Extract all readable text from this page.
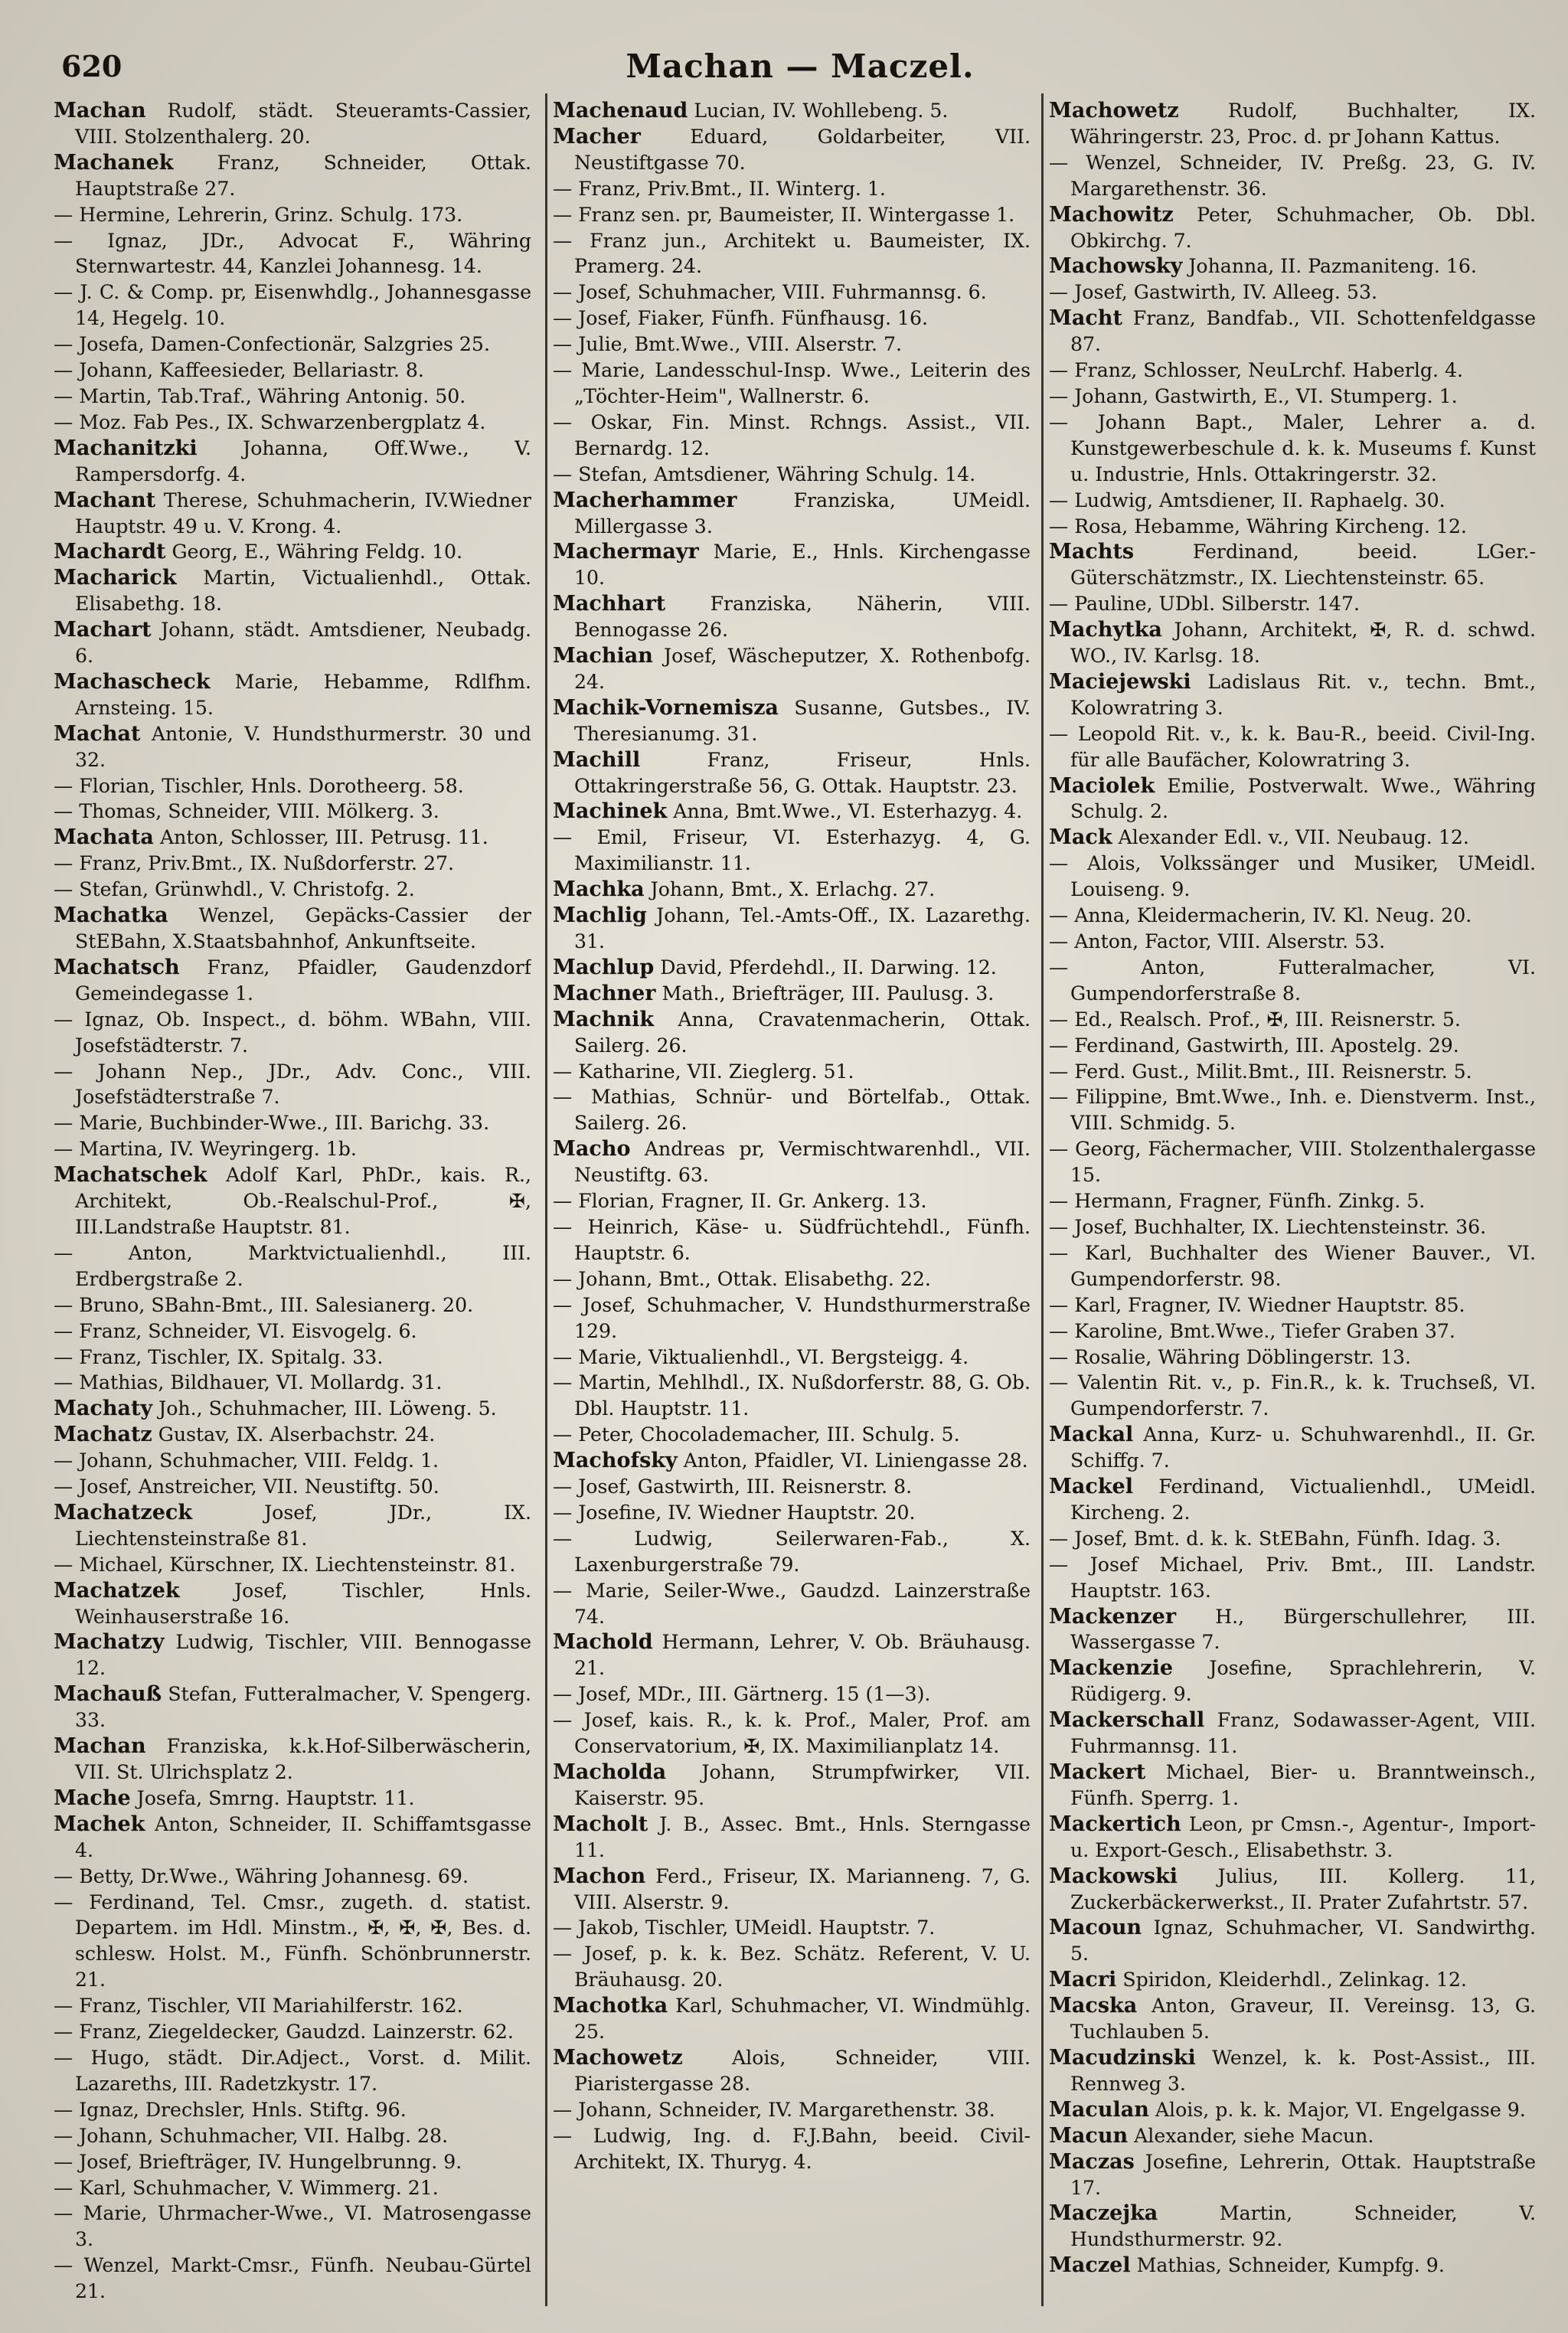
620	Machan — Maczel.

Machan Rudolf, städt. Steueramts-Cassier, VIII. Stolzenthalerg. 20.

Machanek Franz, Schneider, Ottak. Hauptstraße 27.

— Hermine, Lehrerin, Grinz. Schulg. 173.

— Ignaz, JDr., Advocat F., Währing Sternwartestr. 44, Kanzlei Johannesg. 14.

— J. C. & Comp. pr, Eisenwhdlg., Johannesgasse 14, Hegelg. 10.

— Josefa, Damen-Confectionär, Salzgries 25.

— Johann, Kaffeesieder, Bellariastr. 8.

— Martin, Tab.Traf., Währing Antonig. 50.

— Moz. Fab Pes., IX. Schwarzenbergplatz 4.

Machanitzki Johanna, Off.Wwe., V. Rampersdorfg. 4.

Machant Therese, Schuhmacherin, IV.Wiedner Hauptstr. 49 u. V. Krong. 4.

Machardt Georg, E., Währing Feldg. 10.

Macharick Martin, Victualienhdl., Ottak. Elisabethg. 18.

Machart Johann, städt. Amtsdiener, Neubadg. 6.

Machascheck Marie, Hebamme, Rdlfhm. Arnsteing. 15.

Machat Antonie, V. Hundsthurmerstr. 30 und 32.

— Florian, Tischler, Hnls. Dorotheerg. 58.

— Thomas, Schneider, VIII. Mölkerg. 3.

Machata Anton, Schlosser, III. Petrusg. 11.

— Franz, Priv.Bmt., IX. Nußdorferstr. 27.

— Stefan, Grünwhdl., V. Christofg. 2.

Machatka Wenzel, Gepäcks-Cassier der StEBahn, X.Staatsbahnhof, Ankunftseite.

Machatsch Franz, Pfaidler, Gaudenzdorf Gemeindegasse 1.

— Ignaz, Ob. Inspect., d. böhm. WBahn, VIII. Josefstädterstr. 7.

— Johann Nep., JDr., Adv. Conc., VIII. Josefstädterstraße 7.

— Marie, Buchbinder-Wwe., III. Barichg. 33.

— Martina, IV. Weyringerg. 1b.

Machatschek Adolf Karl, PhDr., kais. R., Architekt, Ob.-Realschul-Prof., ✠, III.Landstraße Hauptstr. 81.

— Anton,	Marktvictualienhdl., III. Erdbergstraße 2.

— Bruno, SBahn-Bmt., III. Salesianerg. 20.

— Franz, Schneider, VI. Eisvogelg. 6.

— Franz, Tischler, IX. Spitalg. 33.

— Mathias, Bildhauer, VI. Mollardg. 31.

Machaty Joh., Schuhmacher, III. Löweng. 5.

Machatz Gustav, IX. Alserbachstr. 24.

— Johann, Schuhmacher, VIII. Feldg. 1.

— Josef, Anstreicher, VII. Neustiftg. 50.

Machatzeck	Josef, JDr., IX. Liechtensteinstraße 81.

— Michael, Kürschner, IX. Liechtensteinstr. 81.

Machatzek	Josef, Tischler, Hnls. Weinhauserstraße 16.

Machatzy Ludwig, Tischler, VIII. Bennogasse 12.

Machauß Stefan, Futteralmacher, V. Spengerg. 33.

Machan Franziska, k.k.Hof-Silberwäscherin, VII. St. Ulrichsplatz 2.

Mache Josefa, Smrng. Hauptstr. 11.

Machek Anton, Schneider, II. Schiffamtsgasse 4.

— Betty, Dr.Wwe., Währing Johannesg. 69.

— Ferdinand, Tel. Cmsr., zugeth. d. statist. Departem. im Hdl. Minstm., ✠, ✠, ✠, Bes. d. schlesw. Holst. M., Fünfh. Schönbrunnerstr. 21.

— Franz, Tischler, VII Mariahilferstr. 162.

— Franz, Ziegeldecker, Gaudzd. Lainzerstr. 62.

— Hugo, städt. Dir.Adject., Vorst. d. Milit. Lazareths, III. Radetzkystr. 17.

— Ignaz, Drechsler, Hnls. Stiftg. 96.

— Johann, Schuhmacher, VII. Halbg. 28.

— Josef, Briefträger, IV. Hungelbrunng. 9.

— Karl, Schuhmacher, V. Wimmerg. 21.

— Marie, Uhrmacher-Wwe., VI. Matrosengasse 3.

— Wenzel, Markt-Cmsr., Fünfh. Neubau-Gürtel 21.

Machenaud Lucian, IV. Wohllebeng. 5.

Macher	Eduard, Goldarbeiter, VII. Neustiftgasse 70.

— Franz, Priv.Bmt., II. Winterg. 1.

— Franz sen. pr, Baumeister, II. Wintergasse 1.

— Franz jun., Architekt u. Baumeister, IX. Pramerg. 24.

— Josef, Schuhmacher, VIII. Fuhrmannsg. 6.

— Josef, Fiaker, Fünfh. Fünfhausg. 16.

— Julie, Bmt.Wwe., VIII. Alserstr. 7.

— Marie, Landesschul-Insp. Wwe., Leiterin des „Töchter-Heim", Wallnerstr. 6.

— Oskar, Fin. Minst. Rchngs. Assist., VII. Bernardg. 12.

— Stefan, Amtsdiener, Währing Schulg. 14.

Macherhammer	Franziska, UMeidl. Millergasse 3.

Machermayr Marie, E., Hnls. Kirchengasse 10.

Machhart Franziska, Näherin, VIII. Bennogasse 26.

Machian Josef, Wäscheputzer, X. Rothenbofg. 24.

Machik-Vornemisza Susanne, Gutsbes., IV. Theresianumg. 31.

Machill	Franz, Friseur, Hnls. Ottakringerstraße 56, G. Ottak. Hauptstr. 23.

Machinek Anna, Bmt.Wwe., VI. Esterhazyg. 4.

— Emil, Friseur, VI. Esterhazyg. 4, G. Maximilianstr. 11.

Machka Johann, Bmt., X. Erlachg. 27.

Machlig Johann, Tel.-Amts-Off., IX. Lazarethg. 31.

Machlup David, Pferdehdl., II. Darwing. 12.

Machner Math., Briefträger, III. Paulusg. 3.

Machnik Anna, Cravatenmacherin, Ottak. Sailerg. 26.

— Katharine, VII. Zieglerg. 51.

— Mathias, Schnür- und Börtelfab., Ottak. Sailerg. 26.

Macho Andreas pr, Vermischtwarenhdl., VII. Neustiftg. 63.

— Florian, Fragner, II. Gr. Ankerg. 13.

— Heinrich, Käse- u. Südfrüchtehdl., Fünfh. Hauptstr. 6.

— Johann, Bmt., Ottak. Elisabethg. 22.

— Josef, Schuhmacher, V. Hundsthurmerstraße 129.

— Marie, Viktualienhdl., VI. Bergsteigg. 4.

— Martin, Mehlhdl., IX. Nußdorferstr. 88, G. Ob. Dbl. Hauptstr. 11.

— Peter, Chocolademacher, III. Schulg. 5.

Machofsky Anton, Pfaidler, VI. Liniengasse 28.

— Josef, Gastwirth, III. Reisnerstr. 8.

— Josefine, IV. Wiedner Hauptstr. 20.

— Ludwig,	Seilerwaren-Fab., X. Laxenburgerstraße 79.

— Marie, Seiler-Wwe., Gaudzd. Lainzerstraße 74.

Machold Hermann, Lehrer, V. Ob. Bräuhausg. 21.

— Josef, MDr., III. Gärtnerg. 15 (1—3).

— Josef, kais. R., k. k. Prof., Maler, Prof. am Conservatorium, ✠, IX. Maximilianplatz 14.

Macholda Johann, Strumpfwirker, VII. Kaiserstr. 95.

Macholt J. B., Assec. Bmt., Hnls. Sterngasse 11.

Machon Ferd., Friseur, IX. Marianneng. 7, G. VIII. Alserstr. 9.

— Jakob, Tischler, UMeidl. Hauptstr. 7.

— Josef, p. k. k. Bez. Schätz. Referent, V. U. Bräuhausg. 20.

Machotka Karl, Schuhmacher, VI. Windmühlg. 25.

Machowetz	Alois, Schneider, VIII. Piaristergasse 28.

— Johann, Schneider, IV. Margarethenstr. 38.

— Ludwig, Ing. d. F.J.Bahn, beeid. Civil-Architekt, IX. Thuryg. 4.

Machowetz	Rudolf, Buchhalter, IX. Währingerstr. 23, Proc. d. pr Johann Kattus.

— Wenzel, Schneider, IV. Preßg. 23, G. IV. Margarethenstr. 36.

Machowitz Peter, Schuhmacher, Ob. Dbl. Obkirchg. 7.

Machowsky Johanna, II. Pazmaniteng. 16.

— Josef, Gastwirth, IV. Alleeg. 53.

Macht Franz, Bandfab., VII. Schottenfeldgasse 87.

— Franz, Schlosser, NeuLrchf. Haberlg. 4.

— Johann, Gastwirth, E., VI. Stumperg. 1.

— Johann Bapt., Maler, Lehrer a. d. Kunstgewerbeschule d. k. k. Museums f. Kunst u. Industrie, Hnls. Ottakringerstr. 32.

— Ludwig, Amtsdiener, II. Raphaelg. 30.

— Rosa, Hebamme, Währing Kircheng. 12.

Machts	Ferdinand, beeid. LGer.-Güterschätzmstr., IX. Liechtensteinstr. 65.

— Pauline, UDbl. Silberstr. 147.

Machytka Johann, Architekt, ✠, R. d. schwd. WO., IV. Karlsg. 18.

Maciejewski Ladislaus Rit. v., techn. Bmt., Kolowratring 3.

— Leopold Rit. v., k. k. Bau-R., beeid. Civil-Ing. für alle Baufächer, Kolowratring 3.

Maciolek Emilie, Postverwalt. Wwe., Währing Schulg. 2.

Mack Alexander Edl. v., VII. Neubaug. 12.

— Alois, Volkssänger und Musiker, UMeidl. Louiseng. 9.

— Anna, Kleidermacherin, IV. Kl. Neug. 20.

— Anton, Factor, VIII. Alserstr. 53.

— Anton,	Futteralmacher, VI. Gumpendorferstraße 8.

— Ed., Realsch. Prof., ✠, III. Reisnerstr. 5.

— Ferdinand, Gastwirth, III. Apostelg. 29.

— Ferd. Gust., Milit.Bmt., III. Reisnerstr. 5.

— Filippine, Bmt.Wwe., Inh. e. Dienstverm. Inst., VIII. Schmidg. 5.

— Georg, Fächermacher, VIII. Stolzenthalergasse 15.

— Hermann, Fragner, Fünfh. Zinkg. 5.

— Josef, Buchhalter, IX. Liechtensteinstr. 36.

— Karl, Buchhalter des Wiener Bauver., VI. Gumpendorferstr. 98.

— Karl, Fragner, IV. Wiedner Hauptstr. 85.

— Karoline, Bmt.Wwe., Tiefer Graben 37.

— Rosalie, Währing Döblingerstr. 13.

— Valentin Rit. v., p. Fin.R., k. k. Truchseß, VI. Gumpendorferstr. 7.

Mackal Anna, Kurz- u. Schuhwarenhdl., II. Gr. Schiffg. 7.

Mackel Ferdinand, Victualienhdl., UMeidl. Kircheng. 2.

— Josef, Bmt. d. k. k. StEBahn, Fünfh. Idag. 3.

— Josef Michael, Priv. Bmt., III. Landstr. Hauptstr. 163.

Mackenzer H., Bürgerschullehrer, III. Wassergasse 7.

Mackenzie Josefine, Sprachlehrerin, V. Rüdigerg. 9.

Mackerschall Franz, Sodawasser-Agent, VIII. Fuhrmannsg. 11.

Mackert Michael, Bier- u. Branntweinsch., Fünfh. Sperrg. 1.

Mackertich Leon, pr Cmsn.-, Agentur-, Import- u. Export-Gesch., Elisabethstr. 3.

Mackowski Julius, III. Kollerg. 11, Zuckerbäckerwerkst., II. Prater Zufahrtstr. 57.

Macoun Ignaz, Schuhmacher, VI. Sandwirthg. 5.

Macri Spiridon, Kleiderhdl., Zelinkag. 12.

Macska Anton, Graveur, II. Vereinsg. 13, G. Tuchlauben 5.

Macudzinski Wenzel, k. k. Post-Assist., III. Rennweg 3.

Maculan Alois, p. k. k. Major, VI. Engelgasse 9.

Macun Alexander, siehe Macun.

Maczas Josefine, Lehrerin, Ottak. Hauptstraße 17.

Maczejka	Martin, Schneider, V. Hundsthurmerstr. 92.

Maczel Mathias, Schneider, Kumpfg. 9.
